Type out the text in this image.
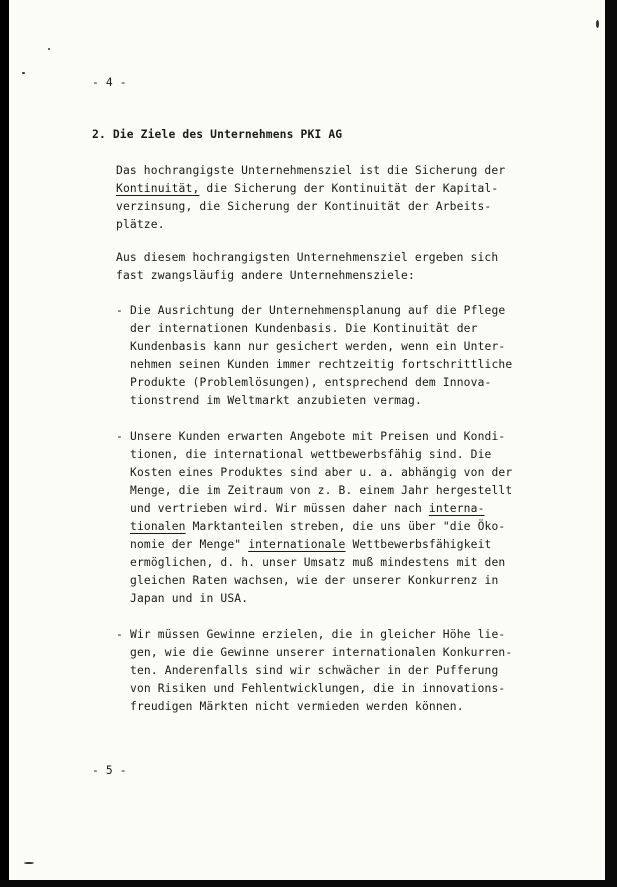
- 4 -
2. Die Ziele des Unternehmens PKI AG
Das hochrangigste Unternehmensziel ist die Sicherung der
Kontinuität, die Sicherung der Kontinuität der Kapital-
verzinsung, die Sicherung der Kontinuität der Arbeits-
plätze.
Aus diesem hochrangigsten Unternehmensziel ergeben sich
fast zwangsläufig andere Unternehmensziele:
- Die Ausrichtung der Unternehmensplanung auf die Pflege
der internationen Kundenbasis. Die Kontinuität der
Kundenbasis kann nur gesichert werden, wenn ein Unter-
nehmen seinen Kunden immer rechtzeitig fortschrittliche
Produkte (Problemlösungen), entsprechend dem Innova-
tionstrend im Weltmarkt anzubieten vermag.
- Unsere Kunden erwarten Angebote mit Preisen und Kondi-
tionen, die international wettbewerbsfähig sind. Die
Kosten eines Produktes sind aber u. a. abhängig von der
Menge, die im Zeitraum von z. B. einem Jahr hergestellt
und vertrieben wird. Wir müssen daher nach interna-
tionalen Marktanteilen streben, die uns über "die Öko-
nomie der Menge" internationale Wettbewerbsfähigkeit
ermöglichen, d. h. unser Umsatz muß mindestens mit den
gleichen Raten wachsen, wie der unserer Konkurrenz in
Japan und in USA.
- Wir müssen Gewinne erzielen, die in gleicher Höhe lie-
gen, wie die Gewinne unserer internationalen Konkurren-
ten. Anderenfalls sind wir schwächer in der Pufferung
von Risiken und Fehlentwicklungen, die in innovations-
freudigen Märkten nicht vermieden werden können.
- 5 -
